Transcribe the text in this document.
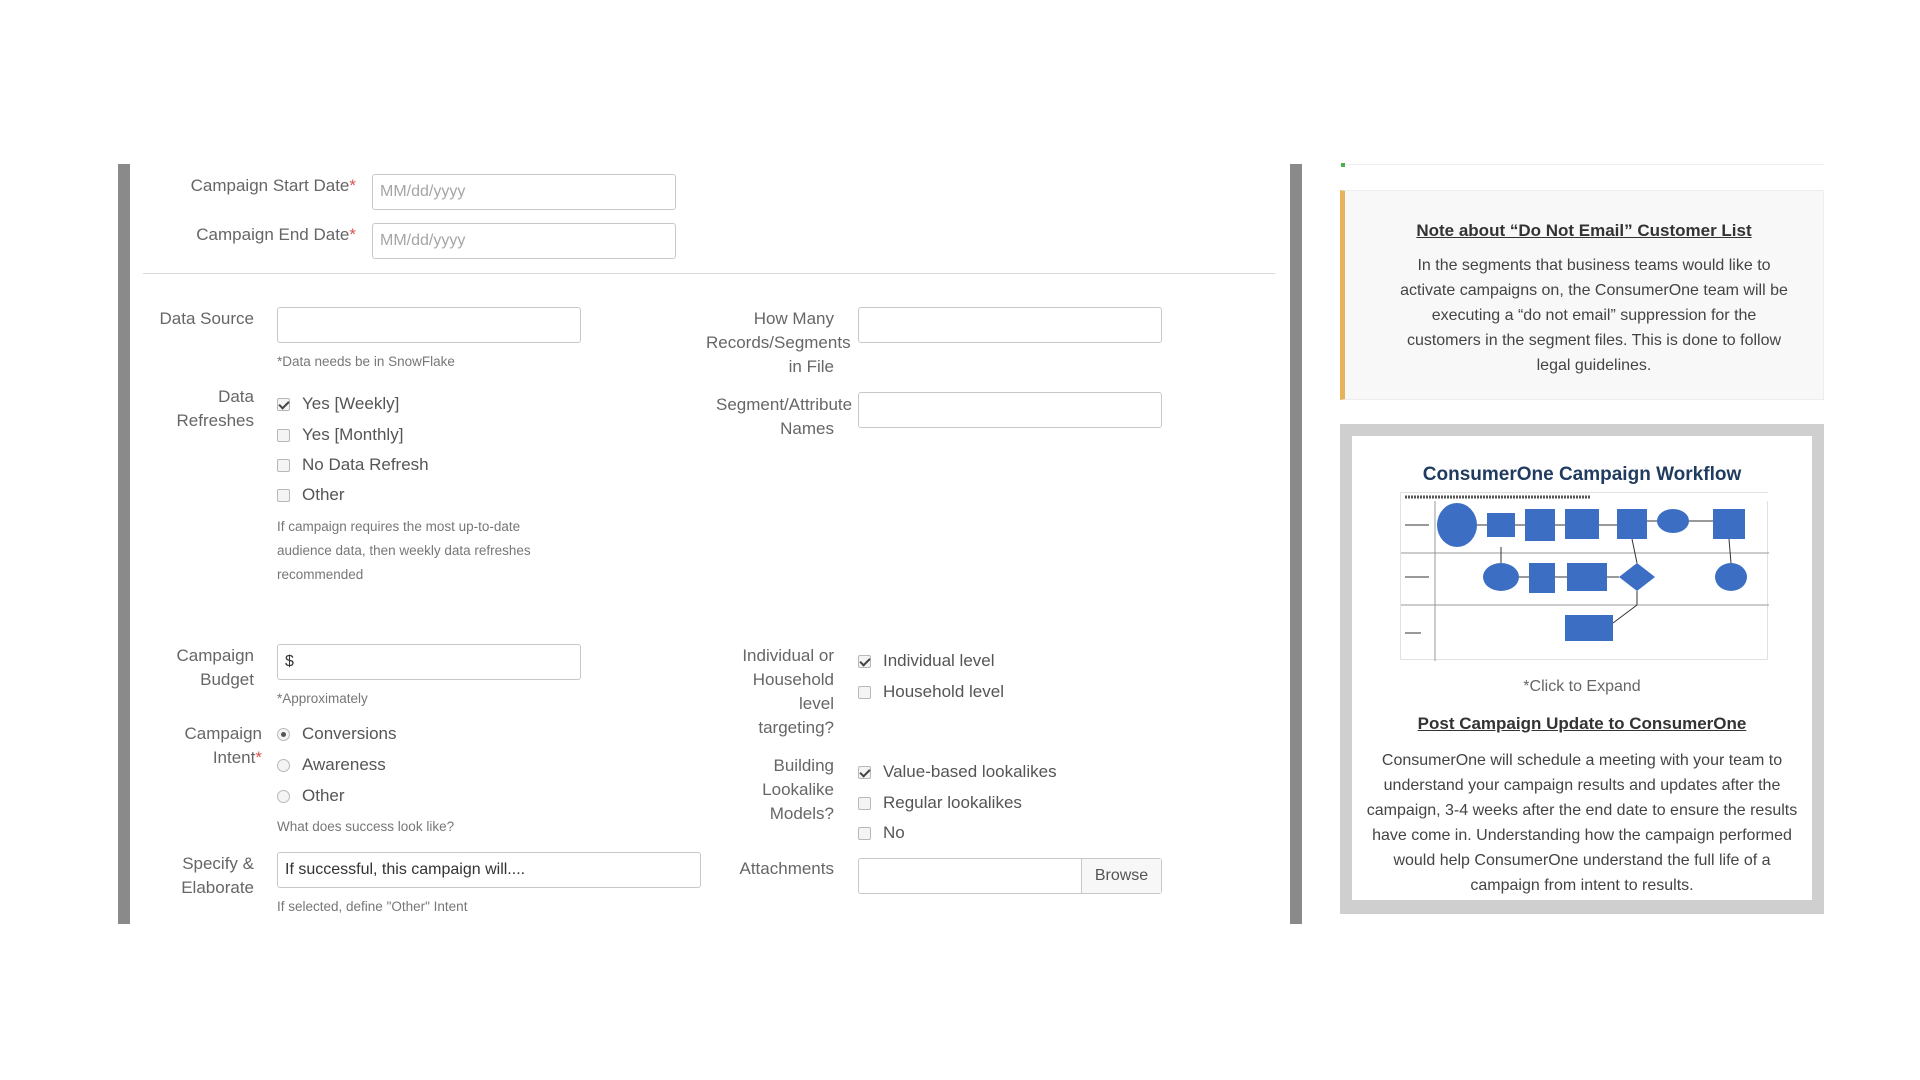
Campaign Start Date*
MM/dd/yyyy
Campaign End Date*
MM/dd/yyyy
Data Source
*Data needs be in SnowFlake
How Many Records/Segments in File
Data Refreshes
Yes [Weekly]
Yes [Monthly]
No Data Refresh
Other
If campaign requires the most up-to-date audience data, then weekly data refreshes recommended
Segment/Attribute Names
Campaign Budget
$
*Approximately
Individual or Household level targeting?
Individual level
Household level
Campaign Intent*
Conversions
Awareness
Other
What does success look like?
Building Lookalike Models?
Value-based lookalikes
Regular lookalikes
No
Specify & Elaborate
If successful, this campaign will....
If selected, define "Other" Intent
Attachments	Browse
Note about “Do Not Email” Customer List
In the segments that business teams would like to activate campaigns on, the ConsumerOne team will be executing a “do not email” suppression for the customers in the segment files. This is done to follow legal guidelines.
ConsumerOne Campaign Workflow
*Click to Expand
Post Campaign Update to ConsumerOne
ConsumerOne will schedule a meeting with your team to understand your campaign results and updates after the campaign, 3-4 weeks after the end date to ensure the results have come in. Understanding how the campaign performed would help ConsumerOne understand the full life of a campaign from intent to results.
